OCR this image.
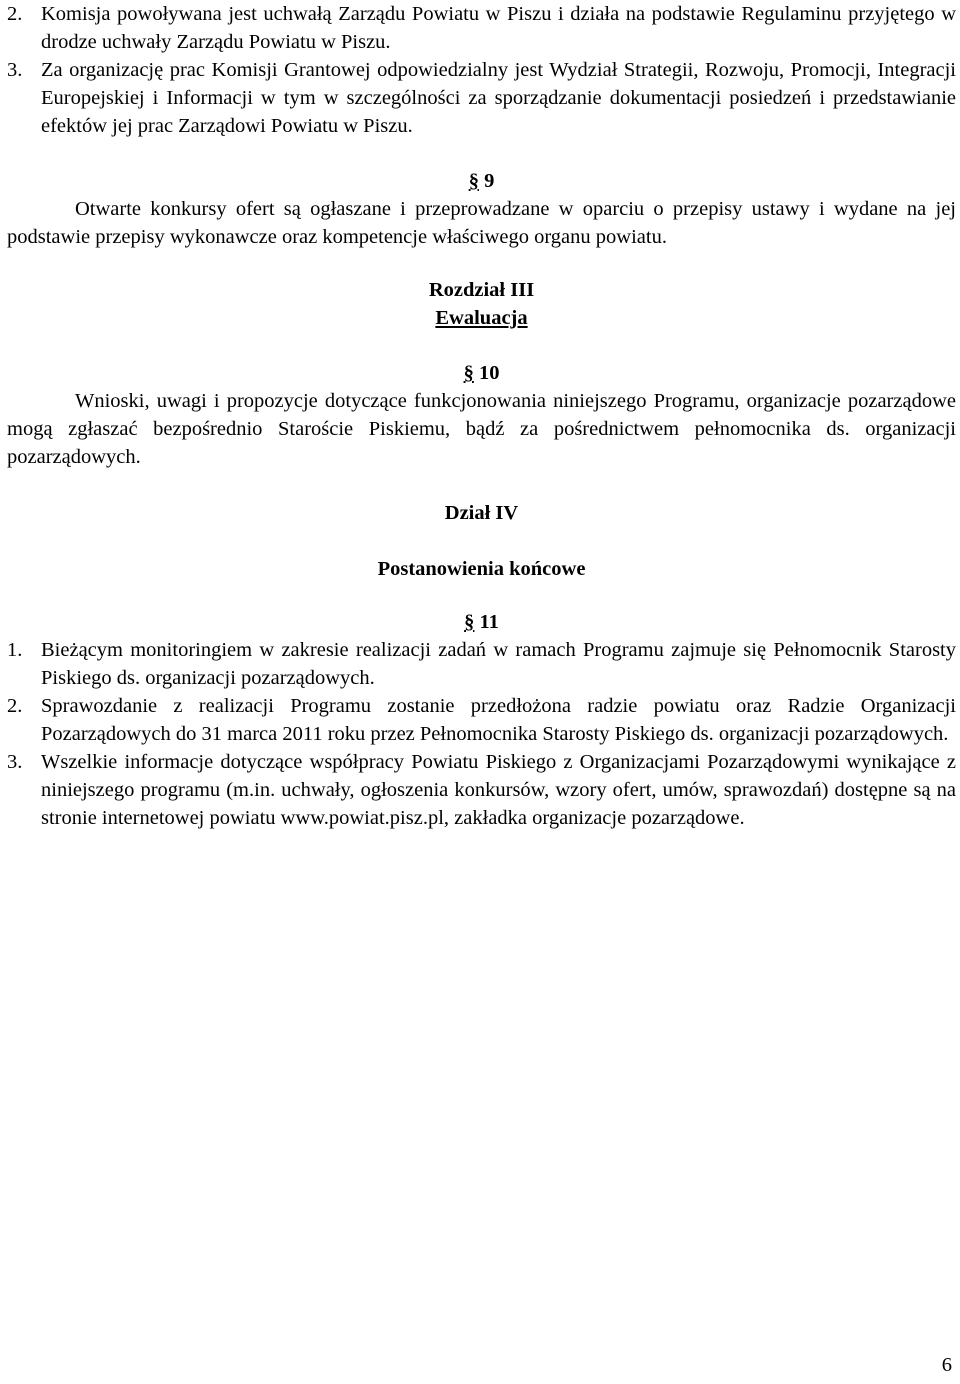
2. Komisja powoływana jest uchwałą Zarządu Powiatu w Piszu i działa na podstawie Regulaminu przyjętego w drodze uchwały Zarządu Powiatu w Piszu.
3. Za organizację prac Komisji Grantowej odpowiedzialny jest Wydział Strategii, Rozwoju, Promocji, Integracji Europejskiej i Informacji w tym w szczególności za sporządzanie dokumentacji posiedzeń i przedstawianie efektów jej prac Zarządowi Powiatu w Piszu.
§ 9
Otwarte konkursy ofert są ogłaszane i przeprowadzane w oparciu o przepisy ustawy i wydane na jej podstawie przepisy wykonawcze oraz kompetencje właściwego organu powiatu.
Rozdział III
Ewaluacja
§ 10
Wnioski, uwagi i propozycje dotyczące funkcjonowania niniejszego Programu, organizacje pozarządowe mogą zgłaszać bezpośrednio Staroście Piskiemu, bądź za pośrednictwem pełnomocnika ds. organizacji pozarządowych.
Dział IV
Postanowienia końcowe
§ 11
1. Bieżącym monitoringiem w zakresie realizacji zadań w ramach Programu zajmuje się Pełnomocnik Starosty Piskiego ds. organizacji pozarządowych.
2. Sprawozdanie z realizacji Programu zostanie przedłożona radzie powiatu oraz Radzie Organizacji Pozarządowych do 31 marca 2011 roku przez Pełnomocnika Starosty Piskiego ds. organizacji pozarządowych.
3. Wszelkie informacje dotyczące współpracy Powiatu Piskiego z Organizacjami Pozarządowymi wynikające z niniejszego programu (m.in. uchwały, ogłoszenia konkursów, wzory ofert, umów, sprawozdań) dostępne są na stronie internetowej powiatu www.powiat.pisz.pl, zakładka organizacje pozarządowe.
6
